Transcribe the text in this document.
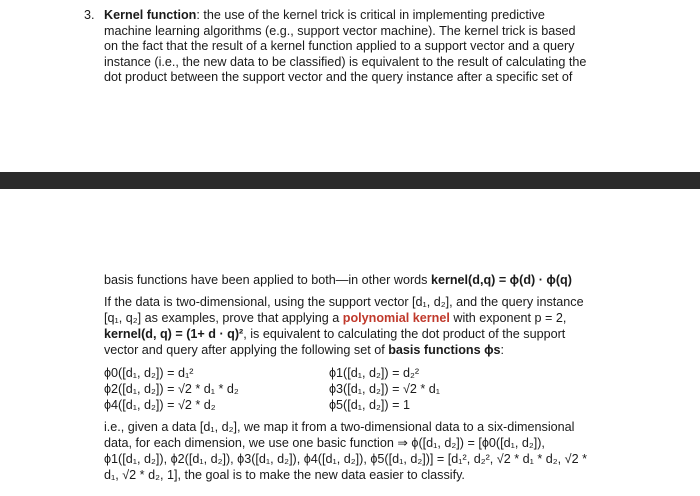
3. Kernel function: the use of the kernel trick is critical in implementing predictive
machine learning algorithms (e.g., support vector machine). The kernel trick is based
on the fact that the result of a kernel function applied to a support vector and a query
instance (i.e., the new data to be classified) is equivalent to the result of calculating the
dot product between the support vector and the query instance after a specific set of
basis functions have been applied to both—in other words kernel(d,q) = ϕ(d) · ϕ(q)
If the data is two-dimensional, using the support vector [d₁, d₂], and the query instance
[q₁, q₂] as examples, prove that applying a polynomial kernel with exponent p = 2,
kernel(d, q) = (1+ d · q)², is equivalent to calculating the dot product of the support
vector and query after applying the following set of basis functions ϕs:
ϕ0([d₁, d₂]) = d₁²	ϕ1([d₁, d₂]) = d₂²
ϕ2([d₁, d₂]) = √2 * d₁ * d₂	ϕ3([d₁, d₂]) = √2 * d₁
ϕ4([d₁, d₂]) = √2 * d₂	ϕ5([d₁, d₂]) = 1
i.e., given a data [d₁, d₂], we map it from a two-dimensional data to a six-dimensional
data, for each dimension, we use one basic function ⇒ ϕ([d₁, d₂]) = [ϕ0([d₁, d₂]),
ϕ1([d₁, d₂]), ϕ2([d₁, d₂]), ϕ3([d₁, d₂]), ϕ4([d₁, d₂]), ϕ5([d₁, d₂])] = [d₁², d₂², √2 * d₁ * d₂, √2 *
d₁, √2 * d₂, 1], the goal is to make the new data easier to classify.
